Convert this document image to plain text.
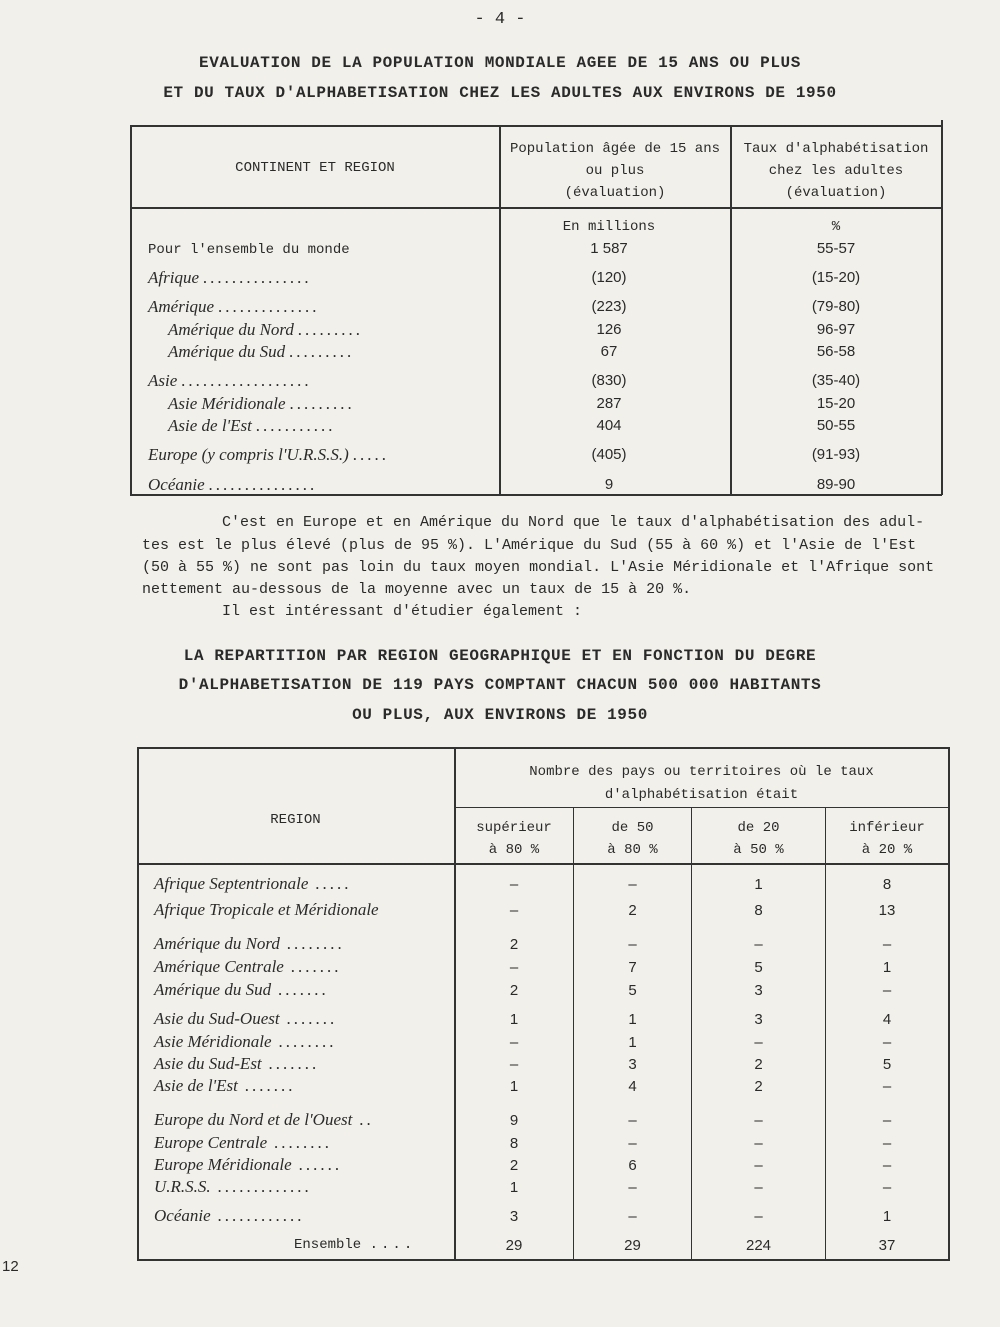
- 4 -
EVALUATION DE LA POPULATION MONDIALE AGEE DE 15 ANS OU PLUS
ET DU TAUX D'ALPHABETISATION CHEZ LES ADULTES AUX ENVIRONS DE 1950
CONTINENT ET REGION
Population âgée de 15 ans
ou plus
(évaluation)
Taux d'alphabétisation
chez les adultes
(évaluation)
En millions	%
Pour l'ensemble du monde	1 587	55-57
Afrique ...............	(120)	(15-20)
Amérique ..............	(223)	(79-80)
Amérique du Nord .........	126	96-97
Amérique du Sud .........	67	56-58
Asie ..................	(830)	(35-40)
Asie Méridionale .........	287	15-20
Asie de l'Est ...........	404	50-55
Europe (y compris l'U.R.S.S.) .....	(405)	(91-93)
Océanie ...............	9	89-90
C'est en Europe et en Amérique du Nord que le taux d'alphabétisation des adul-
tes est le plus élevé (plus de 95 %). L'Amérique du Sud (55 à 60 %) et l'Asie de l'Est
(50 à 55 %) ne sont pas loin du taux moyen mondial. L'Asie Méridionale et l'Afrique sont
nettement au-dessous de la moyenne avec un taux de 15 à 20 %.
Il est intéressant d'étudier également :
LA REPARTITION PAR REGION GEOGRAPHIQUE ET EN FONCTION DU DEGRE
D'ALPHABETISATION DE 119 PAYS COMPTANT CHACUN 500 000 HABITANTS
OU PLUS, AUX ENVIRONS DE 1950
REGION
Nombre des pays ou territoires où le taux
d'alphabétisation était
supérieur
à 80 %
de 50
à 80 %
de 20
à 50 %
inférieur
à 20 %
Afrique Septentrionale .....	–	–	1	8
Afrique Tropicale et Méridionale	–	2	8	13
Amérique du Nord ........	2	–	–	–
Amérique Centrale .......	–	7	5	1
Amérique du Sud .......	2	5	3	–
Asie du Sud-Ouest .......	1	1	3	4
Asie Méridionale ........	–	1	–	–
Asie du Sud-Est .......	–	3	2	5
Asie de l'Est .......	1	4	2	–
Europe du Nord et de l'Ouest ..	9	–	–	–
Europe Centrale ........	8	–	–	–
Europe Méridionale ......	2	6	–	–
U.R.S.S. .............	1	–	–	–
Océanie ............	3	–	–	1
Ensemble ....	29	29	224	37
12
